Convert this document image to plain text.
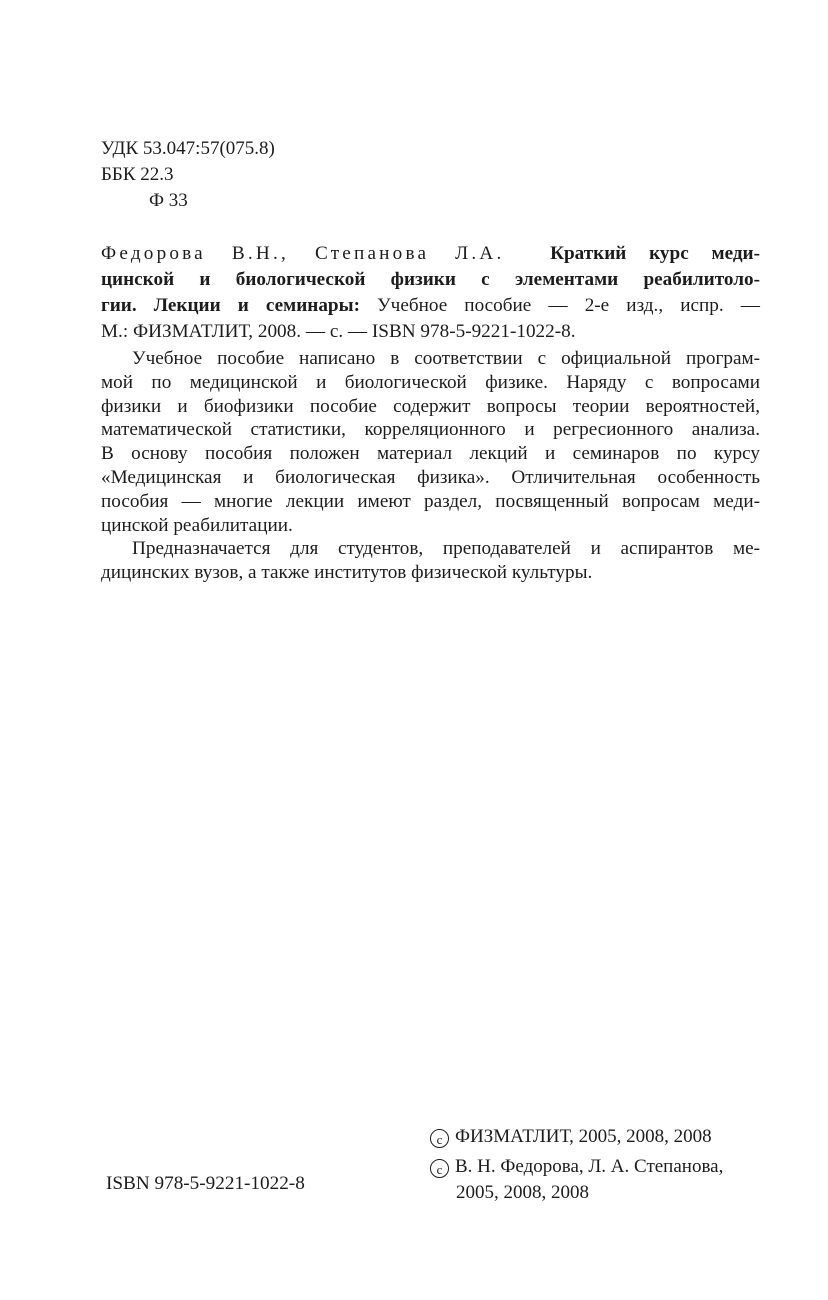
УДК 53.047:57(075.8)
ББК 22.3
Ф 33
Федорова В.Н., Степанова Л.А. Краткий курс меди-
цинской и биологической физики с элементами реабилитоло-
гии. Лекции и семинары: Учебное пособие — 2-е изд., испр. —
М.: ФИЗМАТЛИТ, 2008. — с. — ISBN 978-5-9221-1022-8.
Учебное пособие написано в соответствии с официальной програм-
мой по медицинской и биологической физике. Наряду с вопросами
физики и биофизики пособие содержит вопросы теории вероятностей,
математической статистики, корреляционного и регресионного анализа.
В основу пособия положен материал лекций и семинаров по курсу
«Медицинская и биологическая физика». Отличительная особенность
пособия — многие лекции имеют раздел, посвященный вопросам меди-
цинской реабилитации.
Предназначается для студентов, преподавателей и аспирантов ме-
дицинских вузов, а также институтов физической культуры.
ISBN 978-5-9221-1022-8
c ФИЗМАТЛИТ, 2005, 2008, 2008
c В. Н. Федорова, Л. А. Степанова,
2005, 2008, 2008
